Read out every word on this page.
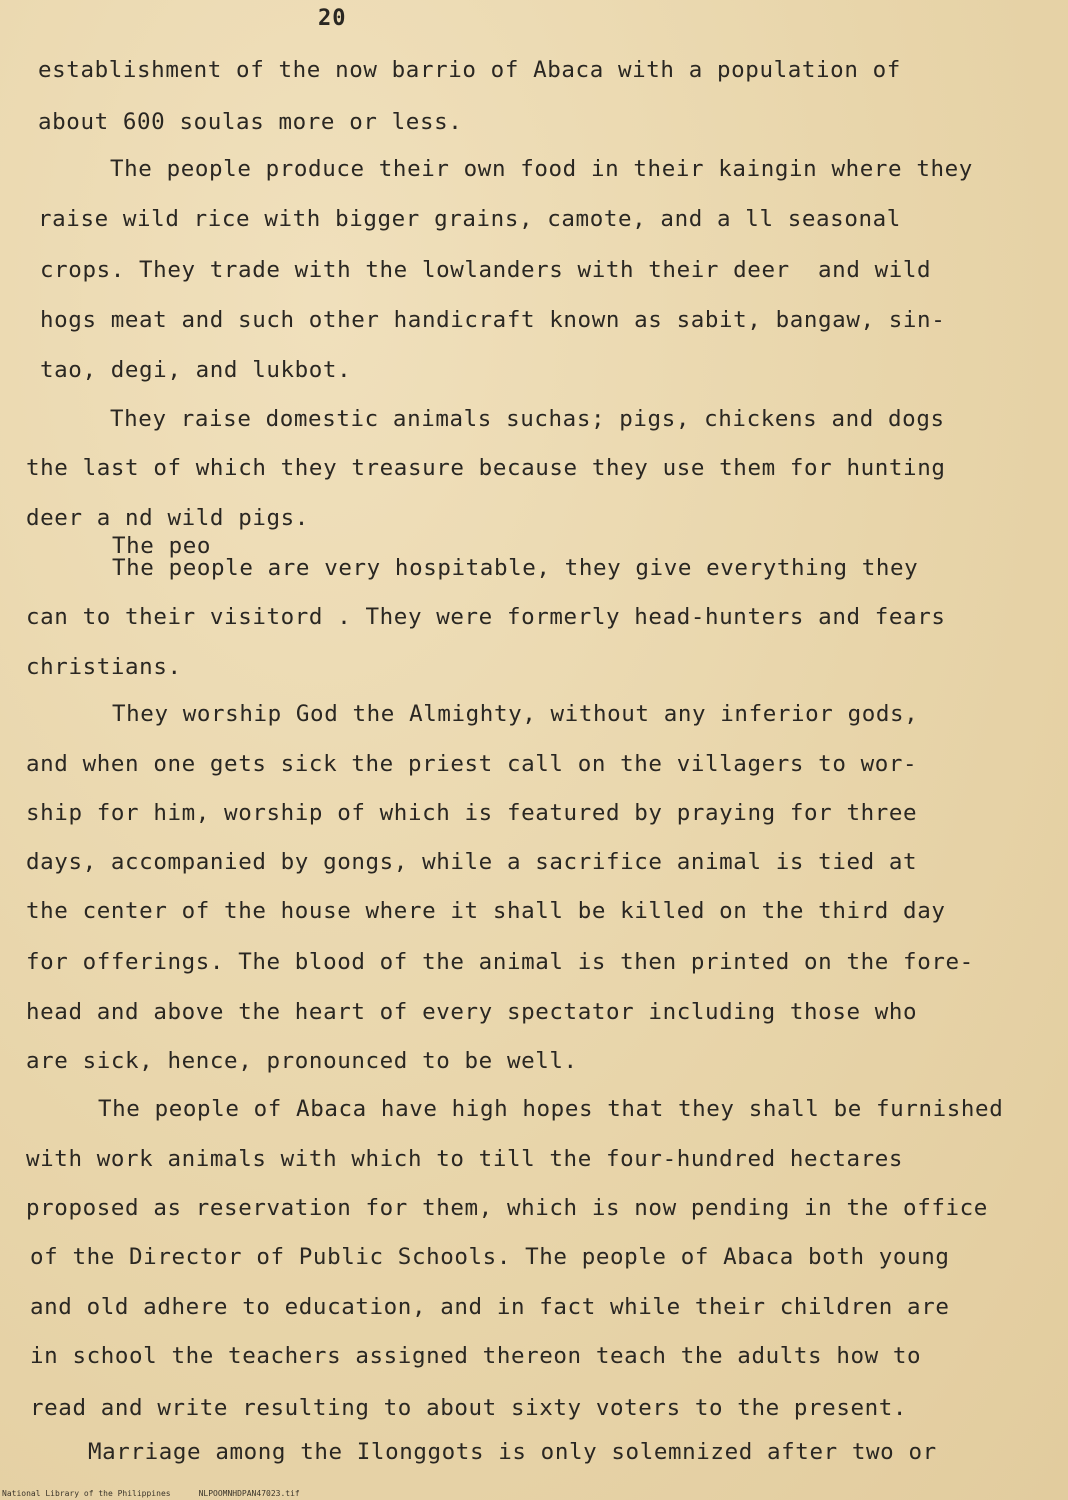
20
establishment of the now barrio of Abaca with a population of
about 600 soulas more or less.
The people produce their own food in their kaingin where they
raise wild rice with bigger grains, camote, and a ll seasonal
crops. They trade with the lowlanders with their deer  and wild
hogs meat and such other handicraft known as sabit, bangaw, sin-
tao, degi, and lukbot.
They raise domestic animals suchas; pigs, chickens and dogs
the last of which they treasure because they use them for hunting
deer a nd wild pigs.
The peo
The people are very hospitable, they give everything they
can to their visitord . They were formerly head-hunters and fears
christians.
They worship God the Almighty, without any inferior gods,
and when one gets sick the priest call on the villagers to wor-
ship for him, worship of which is featured by praying for three
days, accompanied by gongs, while a sacrifice animal is tied at
the center of the house where it shall be killed on the third day
for offerings. The blood of the animal is then printed on the fore-
head and above the heart of every spectator including those who
are sick, hence, pronounced to be well.
The people of Abaca have high hopes that they shall be furnished
with work animals with which to till the four-hundred hectares
proposed as reservation for them, which is now pending in the office
of the Director of Public Schools. The people of Abaca both young
and old adhere to education, and in fact while their children are
in school the teachers assigned thereon teach the adults how to
read and write resulting to about sixty voters to the present.
Marriage among the Ilonggots is only solemnized after two or
National Library of the Philippines	NLPOOMNHDPAN47023.tif
